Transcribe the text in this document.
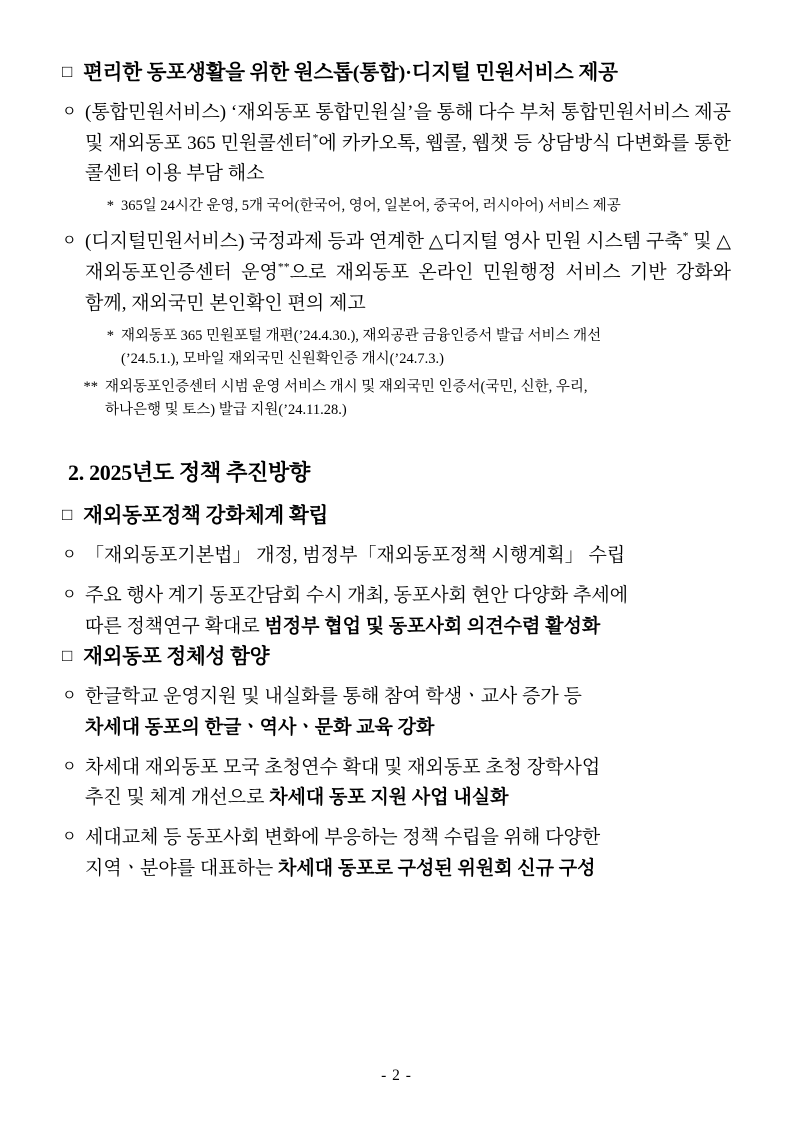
□ 편리한 동포생활을 위한 원스톱(통합)·디지털 민원서비스 제공
ㅇ (통합민원서비스) ‘재외동포 통합민원실’을 통해 다수 부처 통합민원서비스 제공 및 재외동포 365 민원콜센터*에 카카오톡, 웹콜, 웹챗 등 상담방식 다변화를 통한 콜센터 이용 부담 해소
* 365일 24시간 운영, 5개 국어(한국어, 영어, 일본어, 중국어, 러시아어) 서비스 제공
ㅇ (디지털민원서비스) 국정과제 등과 연계한 △디지털 영사 민원 시스템 구축* 및 △재외동포인증센터 운영**으로 재외동포 온라인 민원행정 서비스 기반 강화와 함께, 재외국민 본인확인 편의 제고
* 재외동포 365 민원포털 개편(’24.4.30.), 재외공관 금융인증서 발급 서비스 개선
(’24.5.1.), 모바일 재외국민 신원확인증 개시(’24.7.3.)
** 재외동포인증센터 시범 운영 서비스 개시 및 재외국민 인증서(국민, 신한, 우리,
하나은행 및 토스) 발급 지원(’24.11.28.)
2. 2025년도 정책 추진방향
□ 재외동포정책 강화체계 확립
ㅇ 「재외동포기본법」 개정, 범정부「재외동포정책 시행계획」 수립
ㅇ 주요 행사 계기 동포간담회 수시 개최, 동포사회 현안 다양화 추세에
따른 정책연구 확대로 범정부 협업 및 동포사회 의견수렴 활성화
□ 재외동포 정체성 함양
ㅇ 한글학교 운영지원 및 내실화를 통해 참여 학생ㆍ교사 증가 등
차세대 동포의 한글ㆍ역사ㆍ문화 교육 강화
ㅇ 차세대 재외동포 모국 초청연수 확대 및 재외동포 초청 장학사업
추진 및 체계 개선으로 차세대 동포 지원 사업 내실화
ㅇ 세대교체 등 동포사회 변화에 부응하는 정책 수립을 위해 다양한
지역ㆍ분야를 대표하는 차세대 동포로 구성된 위원회 신규 구성
- 2 -
